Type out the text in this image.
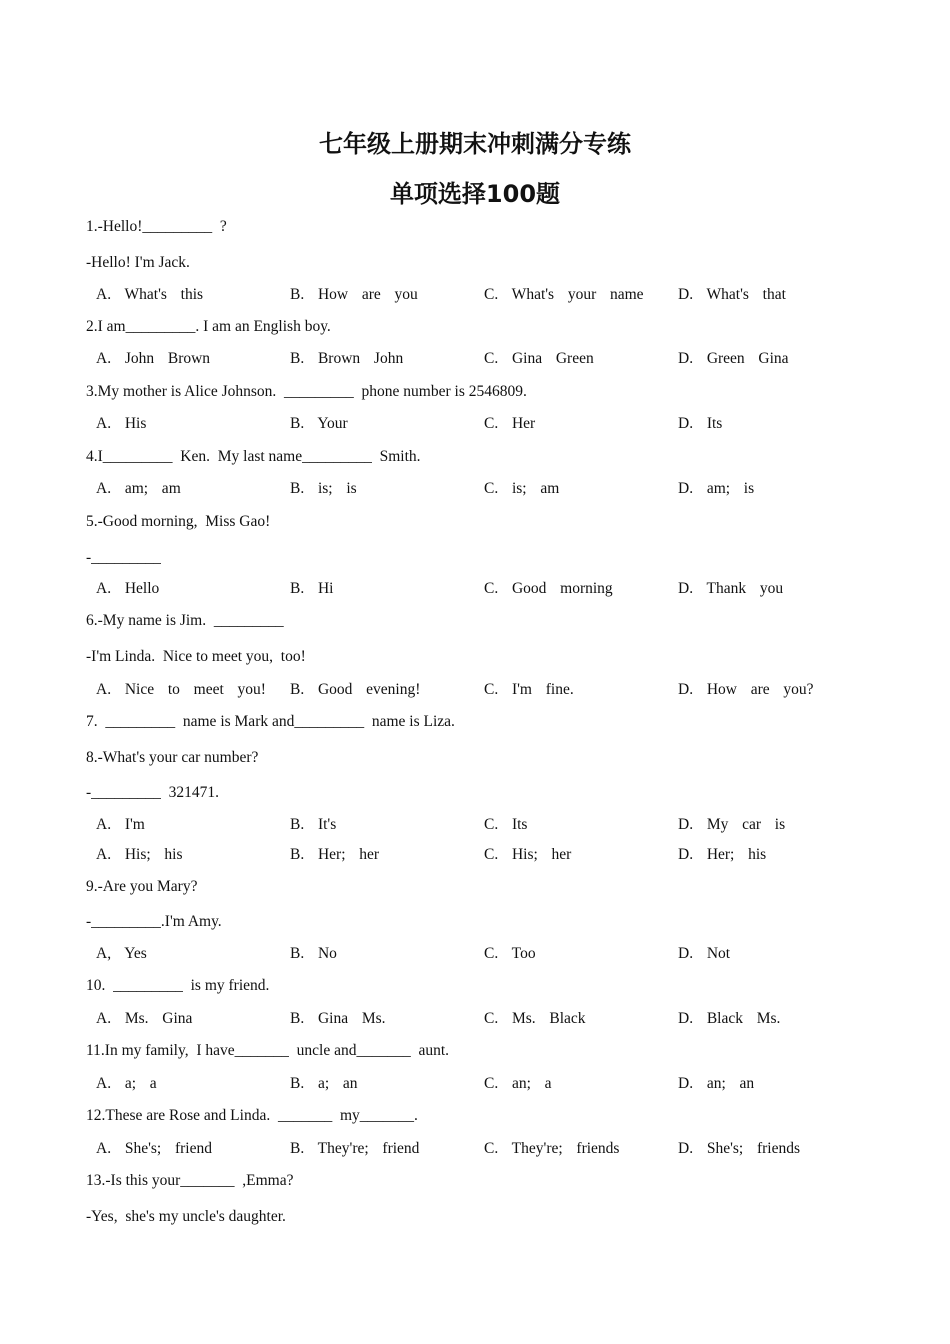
七年级上册期末冲刺满分专练
单项选择100题
1.-Hello!_________  ?
-Hello! I'm Jack.
2.I am_________. I am an English boy.
3.My mother is Alice Johnson.  _________  phone number is 2546809.
4.I_________  Ken.  My last name_________  Smith.
5.-Good morning,  Miss Gao!
-_________
6.-My name is Jim.  _________
-I'm Linda.  Nice to meet you,  too!
7.  _________  name is Mark and_________  name is Liza.
8.-What's your car number?
-_________  321471.
9.-Are you Mary?
-_________.I'm Amy.
10.  _________  is my friend.
11.In my family,  I have_______  uncle and_______  aunt.
12.These are Rose and Linda.  _______  my_______.
13.-Is this your_______  ,Emma?
-Yes,  she's my uncle's daughter.
A.  What's  this	B.  How  are  you	C.  What's  your  name D.  What's  that
A.  John  Brown	B.  Brown  John	C.  Gina  Green	D.  Green  Gina
A.  His	B.  Your	C.  Her	D.  Its
A.  am;  am	B.  is;  is	C.  is;  am	D.  am;  is
A.  Hello	B.  Hi	C.  Good  morning	D.  Thank  you
A.  Nice  to  meet  you! B.  Good  evening!	C.  I'm  fine.	D.  How  are  you?
A.  I'm	B.  It's	C.  Its	D.  My  car  is
A.  His;  his	B.  Her;  her	C.  His;  her	D.  Her;  his
A,  Yes	B.  No	C.  Too	D.  Not
A.  Ms.  Gina	B.  Gina  Ms.	C.  Ms.  Black	D.  Black  Ms.
A.  a;  a	B.  a;  an	C.  an;  a	D.  an;  an
A.  She's;  friend	B.  They're;  friend	C.  They're;  friends	D.  She's;  friends
